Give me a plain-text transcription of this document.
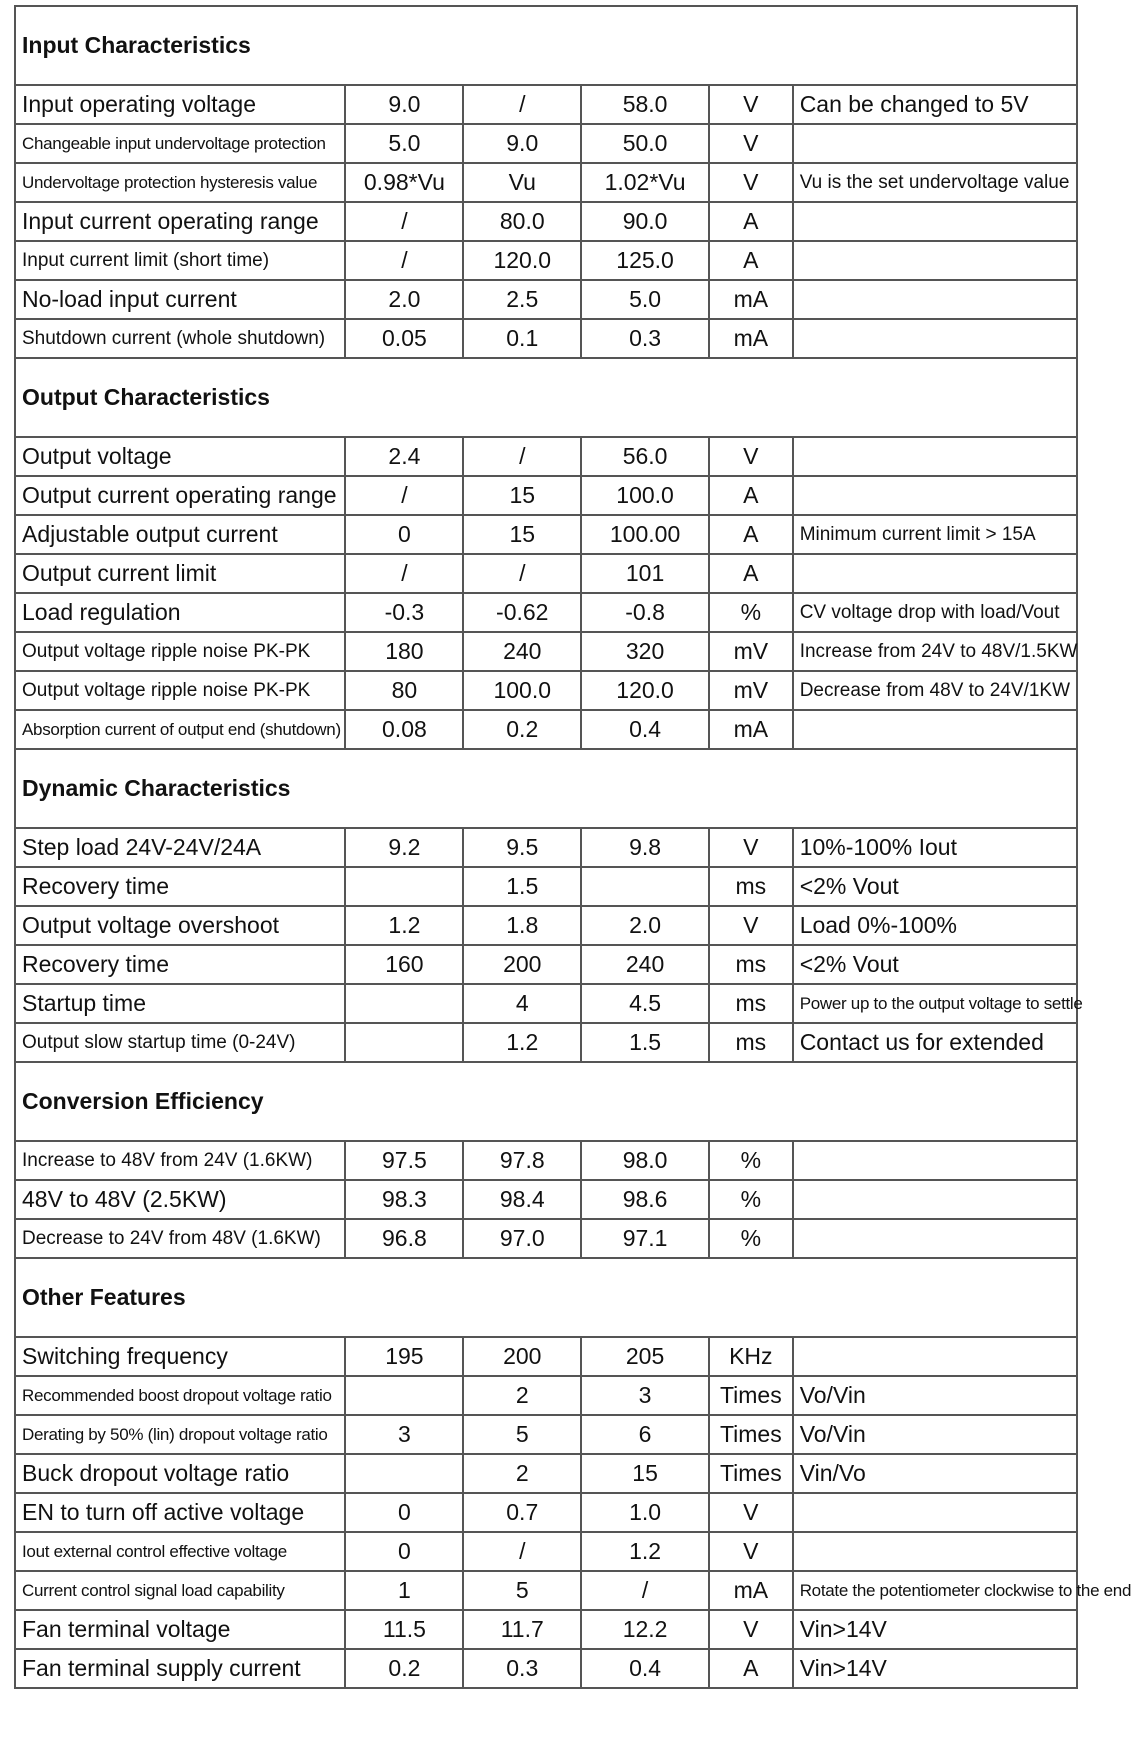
Input Characteristics					
Input operating voltage	9.0	/	58.0	V	Can be changed to 5V
Changeable input undervoltage protection	5.0	9.0	50.0	V	
Undervoltage protection hysteresis value	0.98*Vu	Vu	1.02*Vu	V	Vu is the set undervoltage value
Input current operating range	/	80.0	90.0	A	
Input current limit (short time)	/	120.0	125.0	A	
No-load input current	2.0	2.5	5.0	mA	
Shutdown current (whole shutdown)	0.05	0.1	0.3	mA	
Output Characteristics					
Output voltage	2.4	/	56.0	V	
Output current operating range	/	15	100.0	A	
Adjustable output current	0	15	100.00	A	Minimum current limit > 15A
Output current limit	/	/	101	A	
Load regulation	-0.3	-0.62	-0.8	%	CV voltage drop with load/Vout
Output voltage ripple noise PK-PK	180	240	320	mV	Increase from 24V to 48V/1.5KW
Output voltage ripple noise PK-PK	80	100.0	120.0	mV	Decrease from 48V to 24V/1KW
Absorption current of output end (shutdown)	0.08	0.2	0.4	mA	
Dynamic Characteristics					
Step load 24V-24V/24A	9.2	9.5	9.8	V	10%-100% Iout
Recovery time		1.5		ms	<2% Vout
Output voltage overshoot	1.2	1.8	2.0	V	Load 0%-100%
Recovery time	160	200	240	ms	<2% Vout
Startup time		4	4.5	ms	Power up to the output voltage to settle
Output slow startup time (0-24V)		1.2	1.5	ms	Contact us for extended
Conversion Efficiency					
Increase to 48V from 24V (1.6KW)	97.5	97.8	98.0	%	
48V to 48V (2.5KW)	98.3	98.4	98.6	%	
Decrease to 24V from 48V (1.6KW)	96.8	97.0	97.1	%	
Other Features					
Switching frequency	195	200	205	KHz	
Recommended boost dropout voltage ratio		2	3	Times	Vo/Vin
Derating by 50% (lin) dropout voltage ratio	3	5	6	Times	Vo/Vin
Buck dropout voltage ratio		2	15	Times	Vin/Vo
EN to turn off active voltage	0	0.7	1.0	V	
Iout external control effective voltage	0	/	1.2	V	
Current control signal load capability	1	5	/	mA	Rotate the potentiometer clockwise to the end
Fan terminal voltage	11.5	11.7	12.2	V	Vin>14V
Fan terminal supply current	0.2	0.3	0.4	A	Vin>14V
